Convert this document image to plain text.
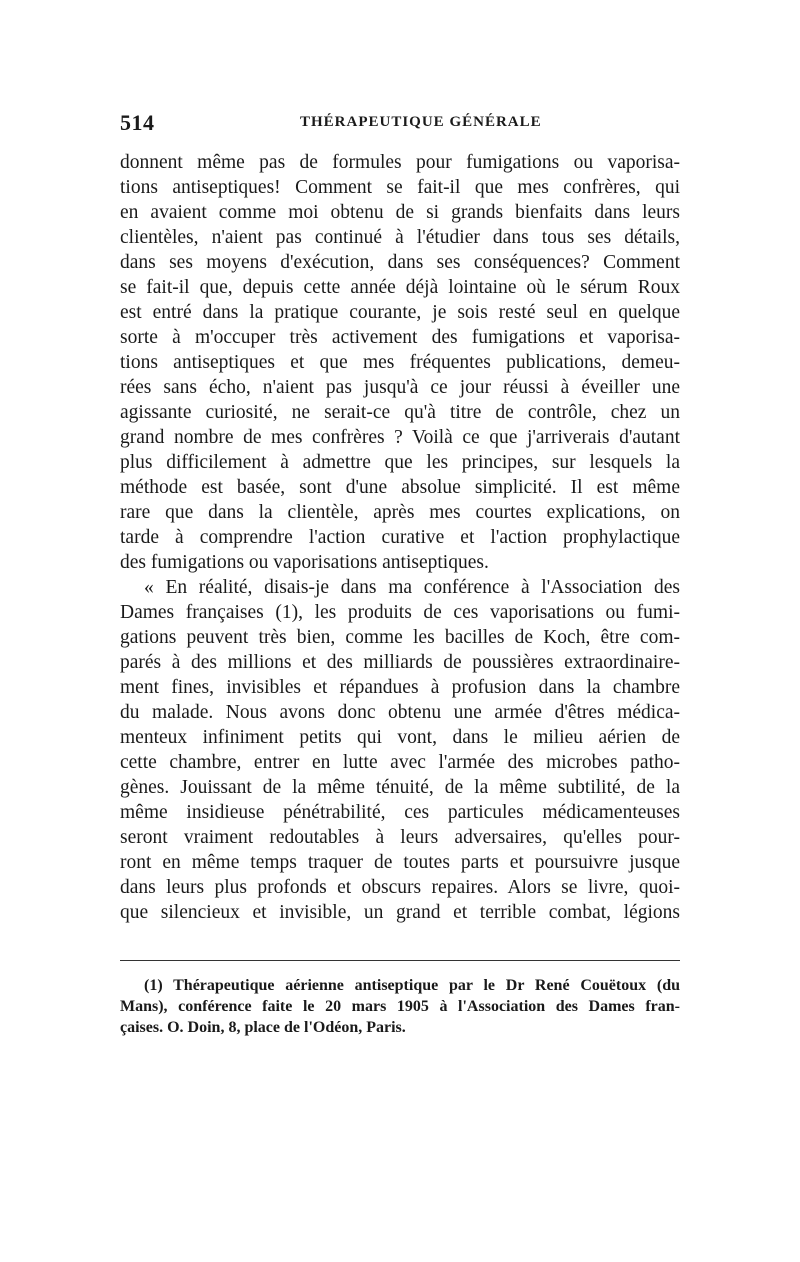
514	THÉRAPEUTIQUE GÉNÉRALE
donnent même pas de formules pour fumigations ou vaporisa-
tions antiseptiques! Comment se fait-il que mes confrères, qui
en avaient comme moi obtenu de si grands bienfaits dans leurs
clientèles, n'aient pas continué à l'étudier dans tous ses détails,
dans ses moyens d'exécution, dans ses conséquences? Comment
se fait-il que, depuis cette année déjà lointaine où le sérum Roux
est entré dans la pratique courante, je sois resté seul en quelque
sorte à m'occuper très activement des fumigations et vaporisa-
tions antiseptiques et que mes fréquentes publications, demeu-
rées sans écho, n'aient pas jusqu'à ce jour réussi à éveiller une
agissante curiosité, ne serait-ce qu'à titre de contrôle, chez un
grand nombre de mes confrères ? Voilà ce que j'arriverais d'autant
plus difficilement à admettre que les principes, sur lesquels la
méthode est basée, sont d'une absolue simplicité. Il est même
rare que dans la clientèle, après mes courtes explications, on
tarde à comprendre l'action curative et l'action prophylactique
des fumigations ou vaporisations antiseptiques.
« En réalité, disais-je dans ma conférence à l'Association des
Dames françaises (1), les produits de ces vaporisations ou fumi-
gations peuvent très bien, comme les bacilles de Koch, être com-
parés à des millions et des milliards de poussières extraordinaire-
ment fines, invisibles et répandues à profusion dans la chambre
du malade. Nous avons donc obtenu une armée d'êtres médica-
menteux infiniment petits qui vont, dans le milieu aérien de
cette chambre, entrer en lutte avec l'armée des microbes patho-
gènes. Jouissant de la même ténuité, de la même subtilité, de la
même insidieuse pénétrabilité, ces particules médicamenteuses
seront vraiment redoutables à leurs adversaires, qu'elles pour-
ront en même temps traquer de toutes parts et poursuivre jusque
dans leurs plus profonds et obscurs repaires. Alors se livre, quoi-
que silencieux et invisible, un grand et terrible combat, légions
(1) Thérapeutique aérienne antiseptique par le Dr René Couëtoux (du
Mans), conférence faite le 20 mars 1905 à l'Association des Dames fran-
çaises. O. Doin, 8, place de l'Odéon, Paris.
